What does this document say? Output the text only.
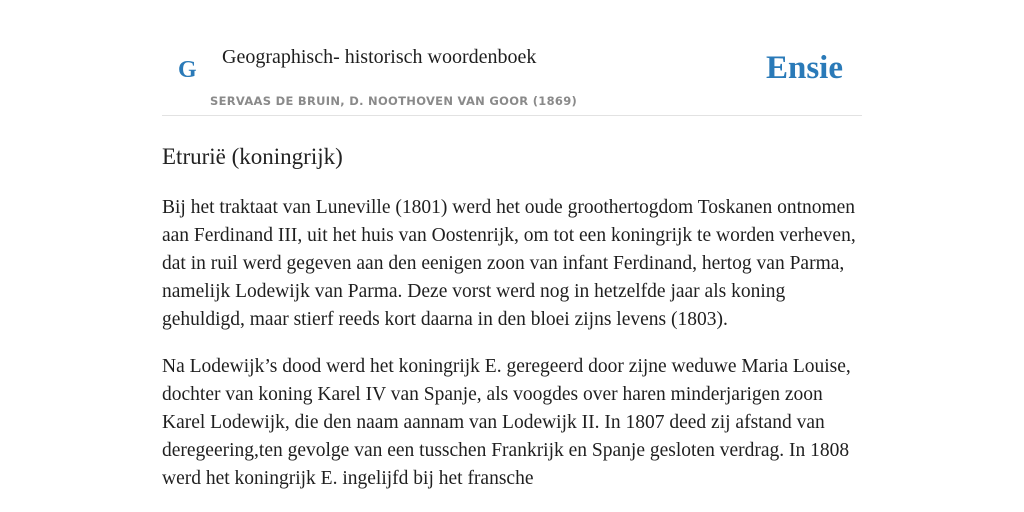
G Geographisch- historisch woordenboek
SERVAAS DE BRUIN, D. NOOTHOVEN VAN GOOR (1869)
Ensie
Etrurië (koningrijk)

Bij het traktaat van Luneville (1801) werd het oude groothertogdom Toskanen ontnomen aan Ferdinand III, uit het huis van Oostenrijk, om tot een koningrijk te worden verheven, dat in ruil werd gegeven aan den eenigen zoon van infant Ferdinand, hertog van Parma, namelijk Lodewijk van Parma. Deze vorst werd nog in hetzelfde jaar als koning gehuldigd, maar stierf reeds kort daarna in den bloei zijns levens (1803).

Na Lodewijk’s dood werd het koningrijk E. geregeerd door zijne weduwe Maria Louise, dochter van koning Karel IV van Spanje, als voogdes over haren minderjarigen zoon Karel Lodewijk, die den naam aannam van Lodewijk II. In 1807 deed zij afstand van deregeering,ten gevolge van een tusschen Frankrijk en Spanje gesloten verdrag. In 1808 werd het koningrijk E. ingelijfd bij het fransche
